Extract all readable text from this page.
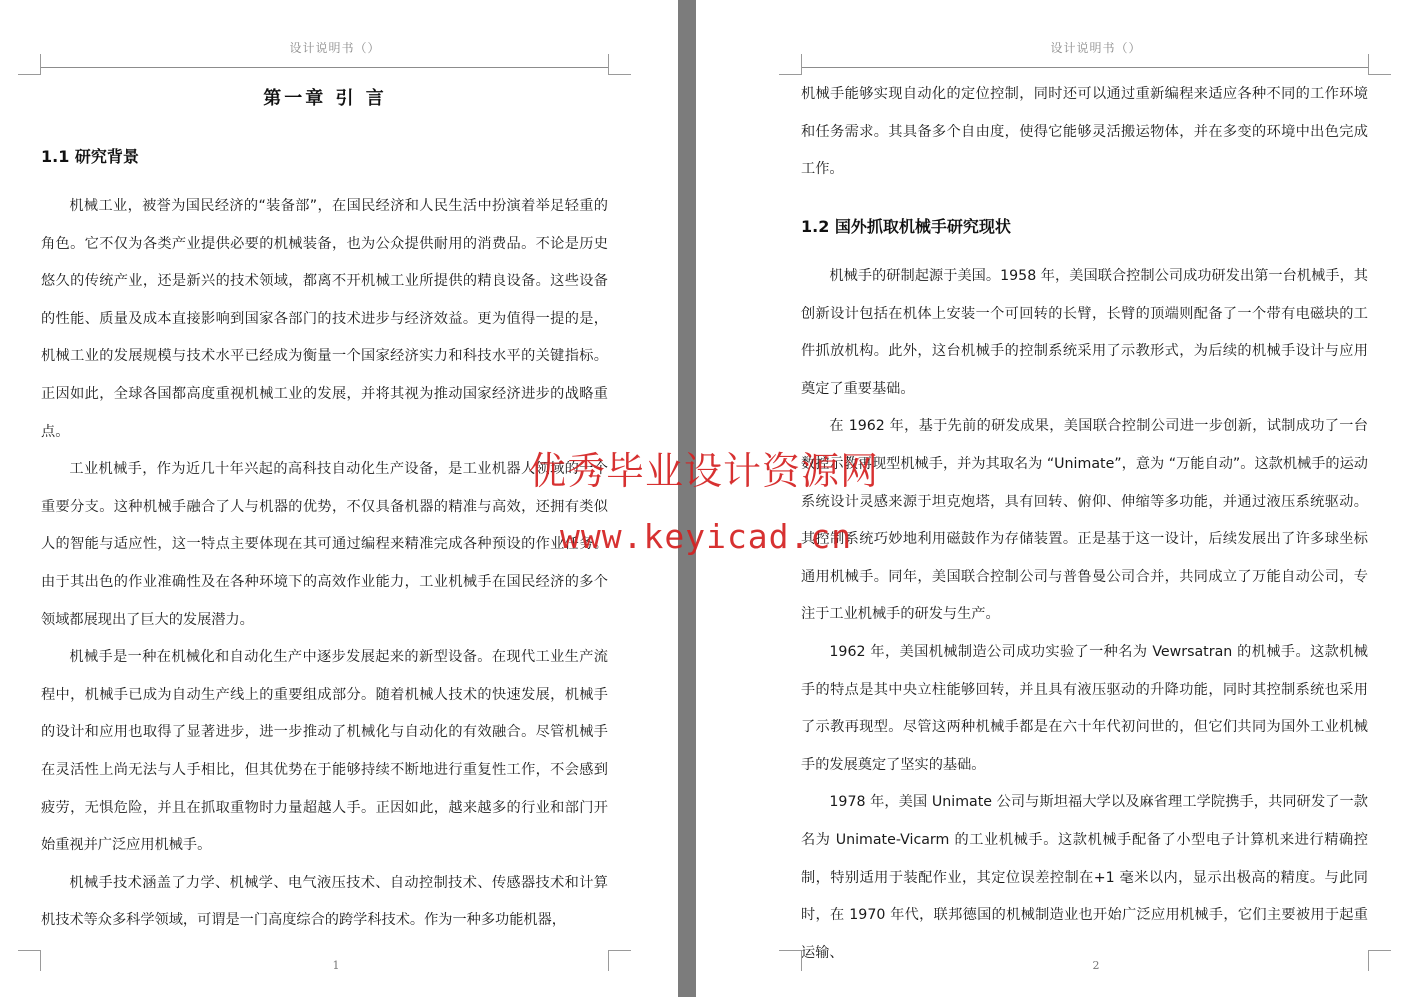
设计说明书（）
第一章 引 言
1.1 研究背景

机械工业，被誉为国民经济的“装备部”，在国民经济和人民生活中扮演着举足轻重的角色。它不仅为各类产业提供必要的机械装备，也为公众提供耐用的消费品。不论是历史悠久的传统产业，还是新兴的技术领域，都离不开机械工业所提供的精良设备。这些设备的性能、质量及成本直接影响到国家各部门的技术进步与经济效益。更为值得一提的是，机械工业的发展规模与技术水平已经成为衡量一个国家经济实力和科技水平的关键指标。正因如此，全球各国都高度重视机械工业的发展，并将其视为推动国家经济进步的战略重点。

工业机械手，作为近几十年兴起的高科技自动化生产设备，是工业机器人领域的一个重要分支。这种机械手融合了人与机器的优势，不仅具备机器的精准与高效，还拥有类似人的智能与适应性，这一特点主要体现在其可通过编程来精准完成各种预设的作业任务。由于其出色的作业准确性及在各种环境下的高效作业能力，工业机械手在国民经济的多个领域都展现出了巨大的发展潜力。

机械手是一种在机械化和自动化生产中逐步发展起来的新型设备。在现代工业生产流程中，机械手已成为自动生产线上的重要组成部分。随着机械人技术的快速发展，机械手的设计和应用也取得了显著进步，进一步推动了机械化与自动化的有效融合。尽管机械手在灵活性上尚无法与人手相比，但其优势在于能够持续不断地进行重复性工作，不会感到疲劳，无惧危险，并且在抓取重物时力量超越人手。正因如此，越来越多的行业和部门开始重视并广泛应用机械手。

机械手技术涵盖了力学、机械学、电气液压技术、自动控制技术、传感器技术和计算机技术等众多科学领域，可谓是一门高度综合的跨学科技术。作为一种多功能机器，

1
设计说明书（）

机械手能够实现自动化的定位控制，同时还可以通过重新编程来适应各种不同的工作环境和任务需求。其具备多个自由度，使得它能够灵活搬运物体，并在多变的环境中出色完成工作。

1.2 国外抓取机械手研究现状

机械手的研制起源于美国。1958 年，美国联合控制公司成功研发出第一台机械手，其创新设计包括在机体上安装一个可回转的长臂，长臂的顶端则配备了一个带有电磁块的工件抓放机构。此外，这台机械手的控制系统采用了示教形式，为后续的机械手设计与应用奠定了重要基础。

在 1962 年，基于先前的研发成果，美国联合控制公司进一步创新，试制成功了一台数控示教再现型机械手，并为其取名为 “Unimate”，意为 “万能自动”。这款机械手的运动系统设计灵感来源于坦克炮塔，具有回转、俯仰、伸缩等多功能，并通过液压系统驱动。其控制系统巧妙地利用磁鼓作为存储装置。正是基于这一设计，后续发展出了许多球坐标通用机械手。同年，美国联合控制公司与普鲁曼公司合并，共同成立了万能自动公司，专注于工业机械手的研发与生产。

1962 年，美国机械制造公司成功实验了一种名为 Vewrsatran 的机械手。这款机械手的特点是其中央立柱能够回转，并且具有液压驱动的升降功能，同时其控制系统也采用了示教再现型。尽管这两种机械手都是在六十年代初问世的，但它们共同为国外工业机械手的发展奠定了坚实的基础。

1978 年，美国 Unimate 公司与斯坦福大学以及麻省理工学院携手，共同研发了一款名为 Unimate-Vicarm 的工业机械手。这款机械手配备了小型电子计算机来进行精确控制，特别适用于装配作业，其定位误差控制在+1 毫米以内，显示出极高的精度。与此同时，在 1970 年代，联邦德国的机械制造业也开始广泛应用机械手，它们主要被用于起重运输、

2
优秀毕业设计资源网
www.keyicad.cn
